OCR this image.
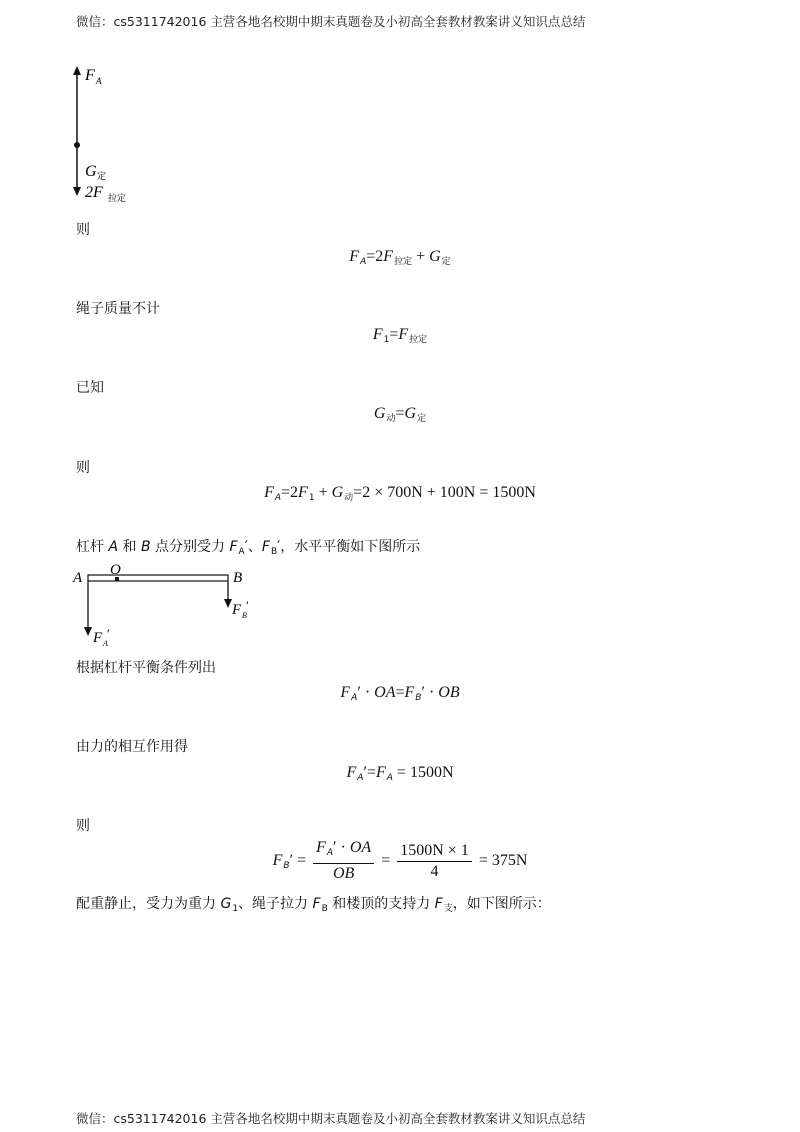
微信：cs5311742016 主营各地名校期中期末真题卷及小初高全套教材教案讲义知识点总结
F A
G 定
2F 拉定
则
$F_A=2F_{拉定} + G_定$
绳子质量不计
$F_1=F_{拉定}$
已知
$G_动=G_定$
则
$F_A=2F_1 + G_动=2 \times 700N + 100N = 1500N$
杠杆 A 和 B 点分别受力 $F_A'$、$F_B'$，水平平衡如下图所示
A O	B
F A
′
F B
′
根据杠杆平衡条件列出
$F_A' \cdot OA=F_B'$ · OB
由力的相互作用得
$F_A'=F_A = 1500N$
则
$F_B' = \frac{F_A' \cdot OA}{OB} = \frac{1500N \times 1}{4} = 375N$
配重静止，受力为重力 $G_1$、绳子拉力 $F_B$ 和楼顶的支持力 $F_支$，如下图所示：
微信：cs5311742016 主营各地名校期中期末真题卷及小初高全套教材教案讲义知识点总结
